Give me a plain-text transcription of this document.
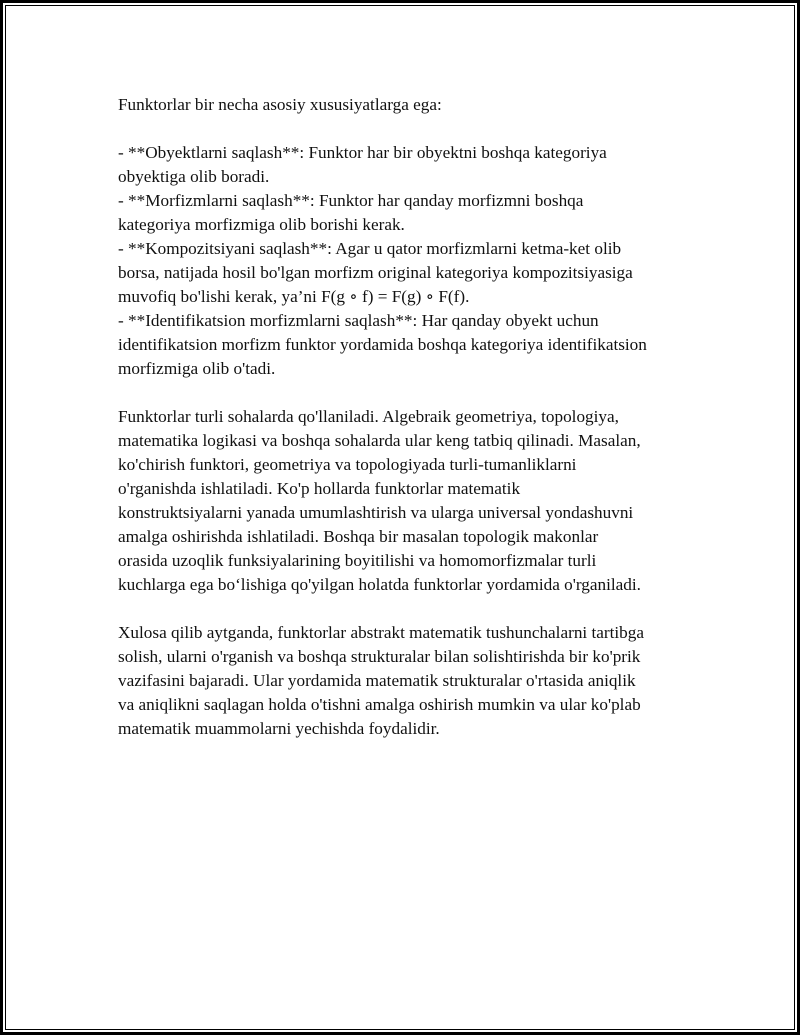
Funktorlar bir necha asosiy xususiyatlarga ega:
- **Obyektlarni saqlash**: Funktor har bir obyektni boshqa kategoriya
obyektiga olib boradi.
- **Morfizmlarni saqlash**: Funktor har qanday morfizmni boshqa
kategoriya morfizmiga olib borishi kerak.
- **Kompozitsiyani saqlash**: Agar u qator morfizmlarni ketma-ket olib
borsa, natijada hosil bo'lgan morfizm original kategoriya kompozitsiyasiga
muvofiq bo'lishi kerak, ya’ni F(g ∘ f) = F(g) ∘ F(f).
- **Identifikatsion morfizmlarni saqlash**: Har qanday obyekt uchun
identifikatsion morfizm funktor yordamida boshqa kategoriya identifikatsion
morfizmiga olib o'tadi.
Funktorlar turli sohalarda qo'llaniladi. Algebraik geometriya, topologiya,
matematika logikasi va boshqa sohalarda ular keng tatbiq qilinadi. Masalan,
ko'chirish funktori, geometriya va topologiyada turli-tumanliklarni
o'rganishda ishlatiladi. Ko'p hollarda funktorlar matematik
konstruktsiyalarni yanada umumlashtirish va ularga universal yondashuvni
amalga oshirishda ishlatiladi. Boshqa bir masalan topologik makonlar
orasida uzoqlik funksiyalarining boyitilishi va homomorfizmalar turli
kuchlarga ega bo‘lishiga qo'yilgan holatda funktorlar yordamida o'rganiladi.
Xulosa qilib aytganda, funktorlar abstrakt matematik tushunchalarni tartibga
solish, ularni o'rganish va boshqa strukturalar bilan solishtirishda bir ko'prik
vazifasini bajaradi. Ular yordamida matematik strukturalar o'rtasida aniqlik
va aniqlikni saqlagan holda o'tishni amalga oshirish mumkin va ular ko'plab
matematik muammolarni yechishda foydalidir.
